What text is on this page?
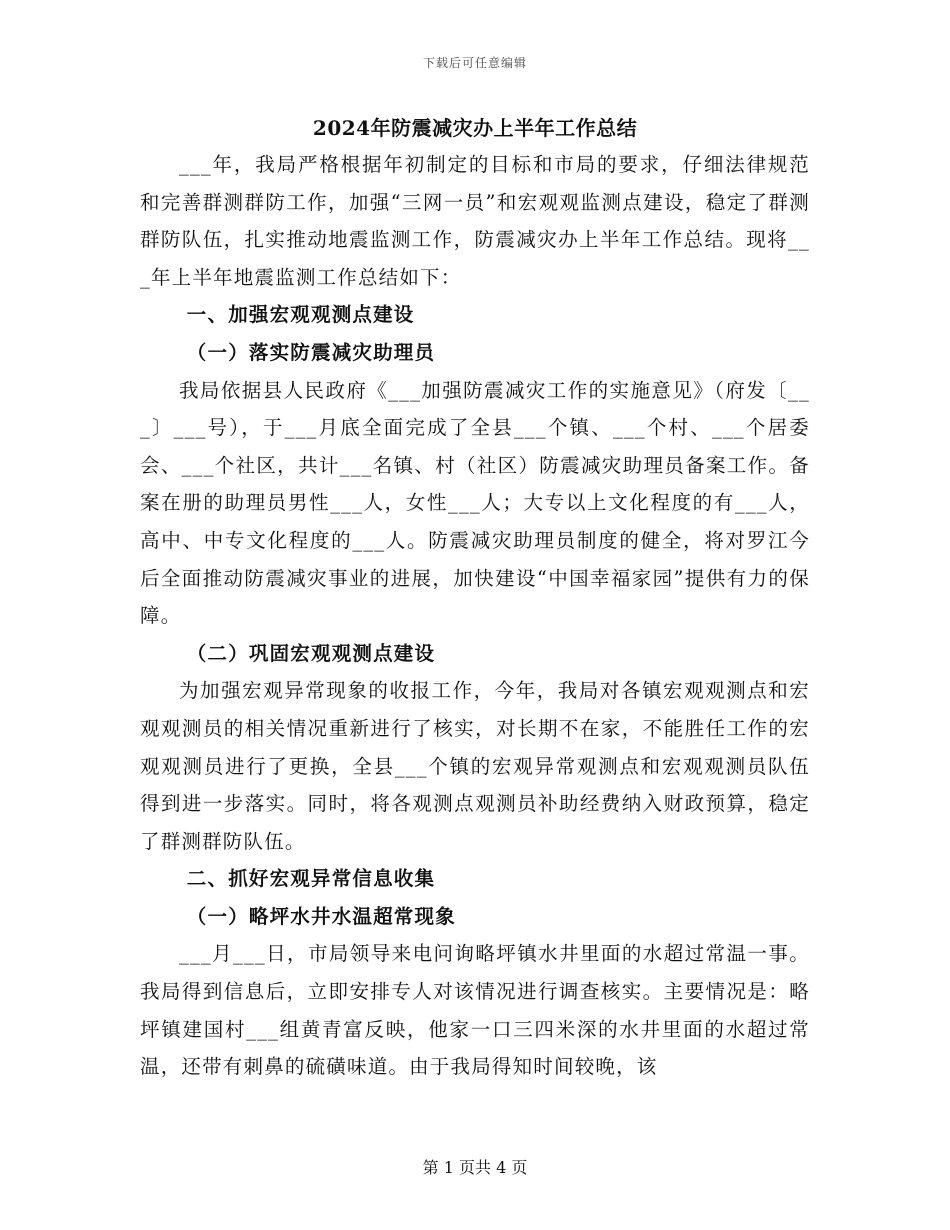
下载后可任意编辑
2024年防震减灾办上半年工作总结

___年，我局严格根据年初制定的目标和市局的要求，仔细法律规范和完善群测群防工作，加强“三网一员”和宏观观监测点建设，稳定了群测群防队伍，扎实推动地震监测工作，防震减灾办上半年工作总结。现将___年上半年地震监测工作总结如下：

一、加强宏观观测点建设

（一）落实防震减灾助理员

我局依据县人民政府《___加强防震减灾工作的实施意见》（府发〔___〕___号），于___月底全面完成了全县___个镇、___个村、___个居委会、___个社区，共计___名镇、村（社区）防震减灾助理员备案工作。备案在册的助理员男性___人，女性___人；大专以上文化程度的有___人，高中、中专文化程度的___人。防震减灾助理员制度的健全，将对罗江今后全面推动防震减灾事业的进展，加快建设“中国幸福家园”提供有力的保障。

（二）巩固宏观观测点建设

为加强宏观异常现象的收报工作，今年，我局对各镇宏观观测点和宏观观测员的相关情况重新进行了核实，对长期不在家，不能胜任工作的宏观观测员进行了更换，全县___个镇的宏观异常观测点和宏观观测员队伍得到进一步落实。同时，将各观测点观测员补助经费纳入财政预算，稳定了群测群防队伍。

二、抓好宏观异常信息收集

（一）略坪水井水温超常现象

___月___日，市局领导来电问询略坪镇水井里面的水超过常温一事。我局得到信息后，立即安排专人对该情况进行调查核实。主要情况是：略坪镇建国村___组黄青富反映，他家一口三四米深的水井里面的水超过常温，还带有刺鼻的硫磺味道。由于我局得知时间较晚，该

第 1 页共 4 页
